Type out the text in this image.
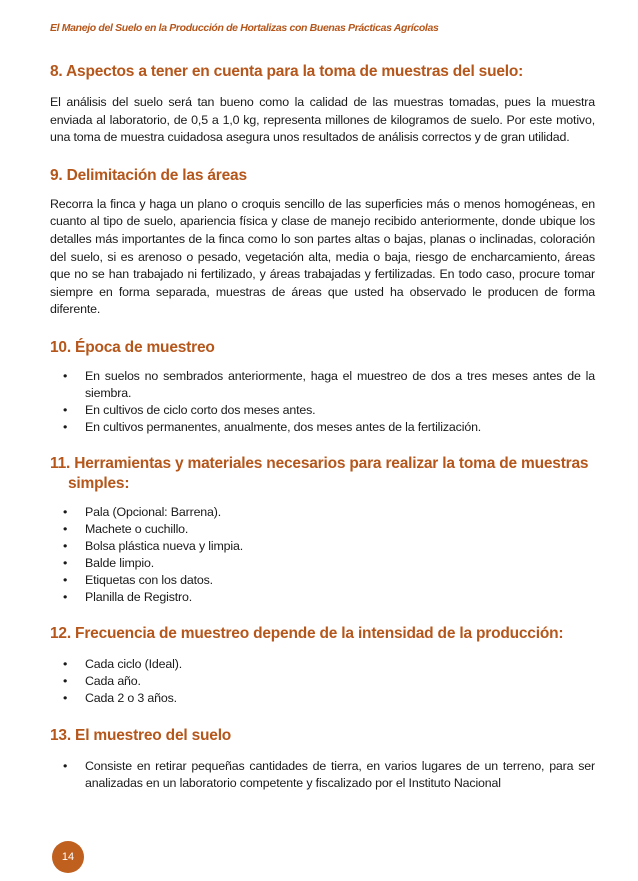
El Manejo del Suelo en la Producción de Hortalizas con Buenas Prácticas Agrícolas
8. Aspectos a tener en cuenta para la toma de muestras del suelo:

El análisis del suelo será tan bueno como la calidad de las muestras tomadas, pues la muestra enviada al laboratorio, de 0,5 a 1,0 kg, representa millones de kilogramos de suelo. Por este motivo, una toma de muestra cuidadosa asegura unos resultados de análisis correctos y de gran utilidad.

9. Delimitación de las áreas

Recorra la finca y haga un plano o croquis sencillo de las superficies más o menos homogéneas, en cuanto al tipo de suelo, apariencia física y clase de manejo recibido anteriormente, donde ubique los detalles más importantes de la finca como lo son partes altas o bajas, planas o inclinadas, coloración del suelo, si es arenoso o pesado, vegetación alta, media o baja, riesgo de encharcamiento, áreas que no se han trabajado ni fertilizado, y áreas trabajadas y fertilizadas. En todo caso, procure tomar siempre en forma separada, muestras de áreas que usted ha observado le producen de forma diferente.

10. Época de muestreo
• En suelos no sembrados anteriormente, haga el muestreo de dos a tres meses antes de la siembra.
• En cultivos de ciclo corto dos meses antes.
• En cultivos permanentes, anualmente, dos meses antes de la fertilización.
11. Herramientas y materiales necesarios para realizar la toma de muestras simples:
• Pala (Opcional: Barrena).
• Machete o cuchillo.
• Bolsa plástica nueva y limpia.
• Balde limpio.
• Etiquetas con los datos.
• Planilla de Registro.
12. Frecuencia de muestreo depende de la intensidad de la producción:
• Cada ciclo (Ideal).
• Cada año.
• Cada 2 o 3 años.
13. El muestreo del suelo
• Consiste en retirar pequeñas cantidades de tierra, en varios lugares de un terreno, para ser analizadas en un laboratorio competente y fiscalizado por el Instituto Nacional
14
